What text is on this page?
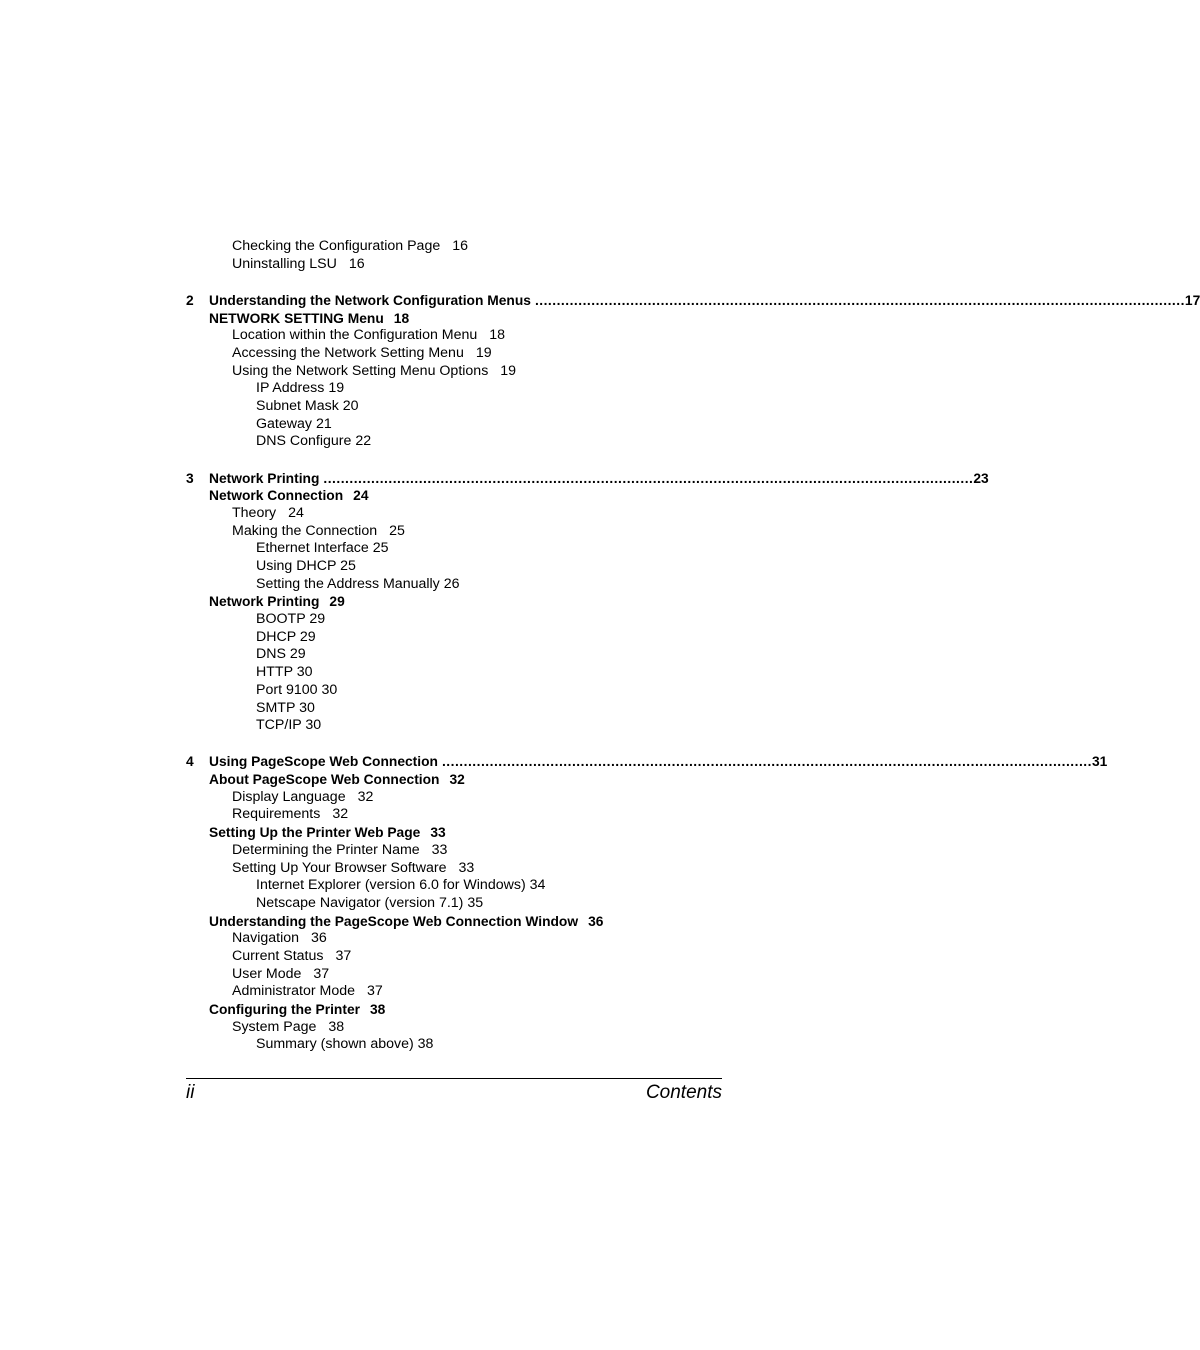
Checking the Configuration Page 16
Uninstalling LSU 16
2	Understanding the Network Configuration Menus ...................................................................................................................................................... 17
NETWORK SETTING Menu 18
Location within the Configuration Menu 18
Accessing the Network Setting Menu 19
Using the Network Setting Menu Options 19
IP Address 19
Subnet Mask 20
Gateway 21
DNS Configure 22
3	Network Printing ...................................................................................................................................................... 23
Network Connection 24
Theory 24
Making the Connection 25
Ethernet Interface 25
Using DHCP 25
Setting the Address Manually 26
Network Printing 29
BOOTP 29
DHCP 29
DNS 29
HTTP 30
Port 9100 30
SMTP 30
TCP/IP 30
4	Using PageScope Web Connection ...................................................................................................................................................... 31
About PageScope Web Connection 32
Display Language 32
Requirements 32
Setting Up the Printer Web Page 33
Determining the Printer Name 33
Setting Up Your Browser Software 33
Internet Explorer (version 6.0 for Windows) 34
Netscape Navigator (version 7.1) 35
Understanding the PageScope Web Connection Window 36
Navigation 36
Current Status 37
User Mode 37
Administrator Mode 37
Configuring the Printer 38
System Page 38
Summary (shown above) 38
ii	Contents
